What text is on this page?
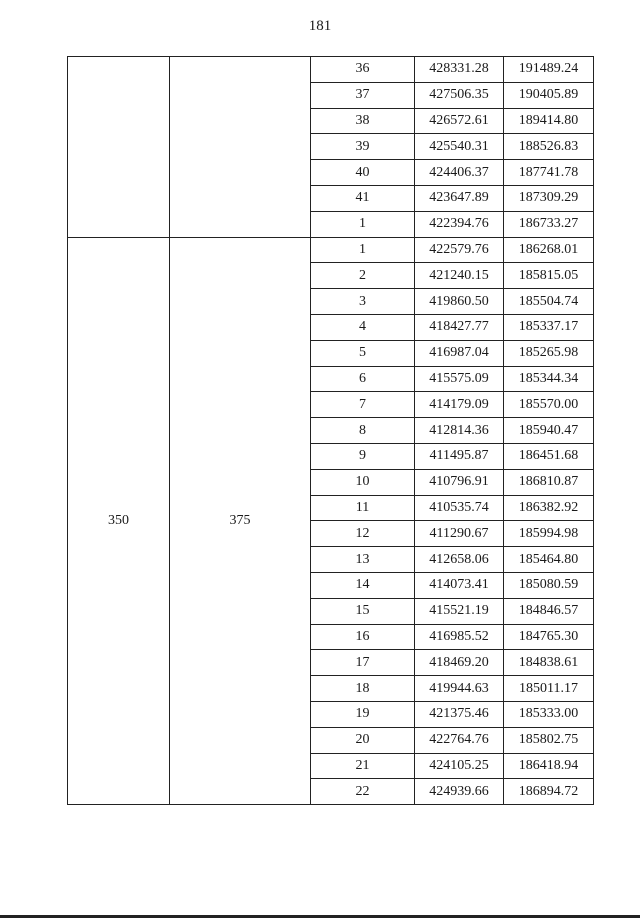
181
		36	428331.28	191489.24
		37	427506.35	190405.89
		38	426572.61	189414.80
		39	425540.31	188526.83
		40	424406.37	187741.78
		41	423647.89	187309.29
		1	422394.76	186733.27
350	375	1	422579.76	186268.01
		2	421240.15	185815.05
		3	419860.50	185504.74
		4	418427.77	185337.17
		5	416987.04	185265.98
		6	415575.09	185344.34
		7	414179.09	185570.00
		8	412814.36	185940.47
		9	411495.87	186451.68
		10	410796.91	186810.87
		11	410535.74	186382.92
		12	411290.67	185994.98
		13	412658.06	185464.80
		14	414073.41	185080.59
		15	415521.19	184846.57
		16	416985.52	184765.30
		17	418469.20	184838.61
		18	419944.63	185011.17
		19	421375.46	185333.00
		20	422764.76	185802.75
		21	424105.25	186418.94
		22	424939.66	186894.72
